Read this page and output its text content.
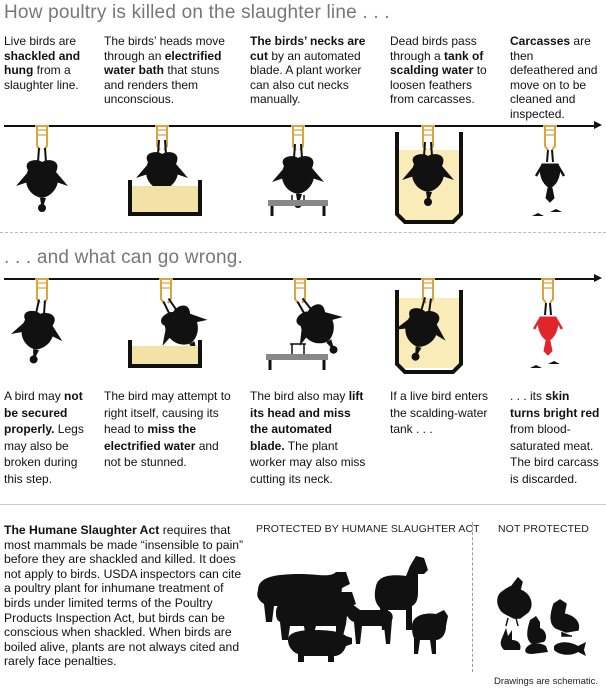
How poultry is killed on the slaughter line . . .
Live birds are shackled and hung from a slaughter line.
The birds’ heads move through an electrified water bath that stuns and renders them unconscious.
The birds’ necks are cut by an automated blade. A plant worker can also cut necks manually.
Dead birds pass through a tank of scalding water to loosen feathers from carcasses.
Carcasses are then defeathered and move on to be cleaned and inspected.
. . . and what can go wrong.
A bird may not be secured properly. Legs may also be broken during this step.
The bird may attempt to right itself, causing its head to miss the electrified water and not be stunned.
The bird also may lift its head and miss the automated blade. The plant worker may also miss cutting its neck.
If a live bird enters the scalding-water tank . . .
. . . its skin turns bright red from blood-saturated meat. The bird carcass is discarded.
The Humane Slaughter Act requires that most mammals be made “insensible to pain” before they are shackled and killed. It does not apply to birds. USDA inspectors can cite a poultry plant for inhumane treatment of birds under limited terms of the Poultry Products Inspection Act, but birds can be conscious when shackled. When birds are boiled alive, plants are not always cited and rarely face penalties.
PROTECTED BY HUMANE SLAUGHTER ACT NOT PROTECTED
Drawings are schematic.
